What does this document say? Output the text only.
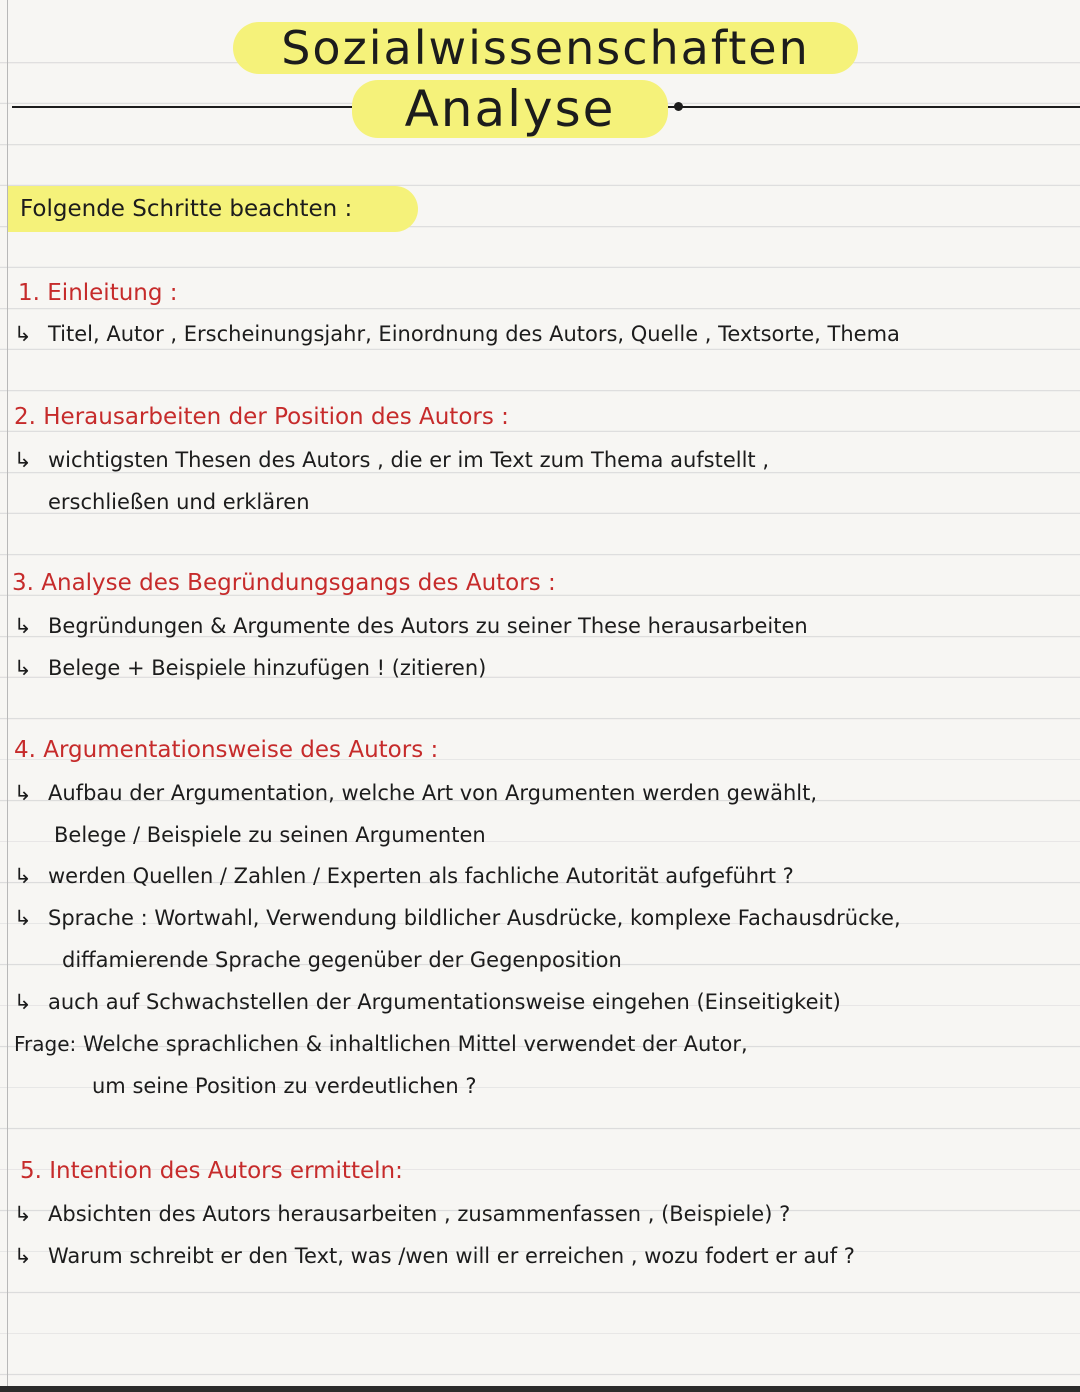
Sozialwissenschaften
Analyse
Folgende Schritte beachten :
1. Einleitung :
↳ Titel, Autor , Erscheinungsjahr, Einordnung des Autors, Quelle , Textsorte, Thema
2. Herausarbeiten der Position des Autors :
↳ wichtigsten Thesen des Autors , die er im Text zum Thema aufstellt ,
erschließen und erklären
3. Analyse des Begründungsgangs des Autors :
↳ Begründungen & Argumente des Autors zu seiner These herausarbeiten
↳ Belege + Beispiele hinzufügen ! (zitieren)
4. Argumentationsweise des Autors :
↳ Aufbau der Argumentation, welche Art von Argumenten werden gewählt,
Belege / Beispiele zu seinen Argumenten
↳ werden Quellen / Zahlen / Experten als fachliche Autorität aufgeführt ?
↳ Sprache : Wortwahl, Verwendung bildlicher Ausdrücke, komplexe Fachausdrücke,
diffamierende Sprache gegenüber der Gegenposition
↳ auch auf Schwachstellen der Argumentationsweise eingehen (Einseitigkeit)
Frage: Welche sprachlichen & inhaltlichen Mittel verwendet der Autor,
um seine Position zu verdeutlichen ?
5. Intention des Autors ermitteln:
↳ Absichten des Autors herausarbeiten , zusammenfassen , (Beispiele) ?
↳ Warum schreibt er den Text, was /wen will er erreichen , wozu fodert er auf ?
